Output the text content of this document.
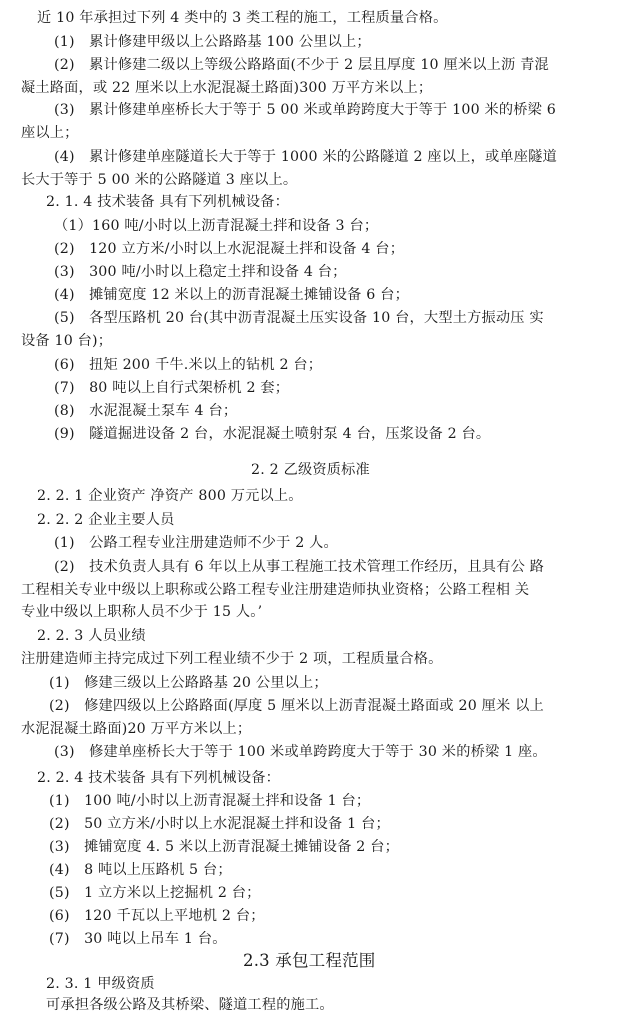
近 10 年承担过下列 4 类中的 3 类工程的施工，工程质量合格。
(1)　累计修建甲级以上公路路基 100 公里以上；
(2)　累计修建二级以上等级公路路面(不少于 2 层且厚度 10 厘米以上沥 青混
凝土路面，或 22 厘米以上水泥混凝土路面)300 万平方米以上；
(3)　累计修建单座桥长大于等于 5 00 米或单跨跨度大于等于 100 米的桥梁 6
座以上；
(4)　累计修建单座隧道长大于等于 1000 米的公路隧道 2 座以上，或单座隧道
长大于等于 5 00 米的公路隧道 3 座以上。
2. 1. 4 技术装备 具有下列机械设备：
（1）160 吨/小时以上沥青混凝土拌和设备 3 台；
(2)　120 立方米/小时以上水泥混凝土拌和设备 4 台；
(3)　300 吨/小时以上稳定土拌和设备 4 台；
(4)　摊铺宽度 12 米以上的沥青混凝土摊铺设备 6 台；
(5)　各型压路机 20 台(其中沥青混凝土压实设备 10 台，大型土方振动压 实
设备 10 台)；
(6)　扭矩 200 千牛.米以上的钻机 2 台；
(7)　80 吨以上自行式架桥机 2 套；
(8)　水泥混凝土泵车 4 台；
(9)　隧道掘进设备 2 台，水泥混凝土喷射泵 4 台，压浆设备 2 台。
2. 2 乙级资质标准
2. 2. 1 企业资产 净资产 800 万元以上。
2. 2. 2 企业主要人员
(1)　公路工程专业注册建造师不少于 2 人。
(2)　技术负责人具有 6 年以上从事工程施工技术管理工作经历，且具有公 路
工程相关专业中级以上职称或公路工程专业注册建造师执业资格；公路工程相 关
专业中级以上职称人员不少于 15 人。’
2. 2. 3 人员业绩
注册建造师主持完成过下列工程业绩不少于 2 项，工程质量合格。
(1)　修建三级以上公路路基 20 公里以上；
(2)　修建四级以上公路路面(厚度 5 厘米以上沥青混凝土路面或 20 厘米 以上
水泥混凝土路面)20 万平方米以上；
(3)　修建单座桥长大于等于 100 米或单跨跨度大于等于 30 米的桥梁 1 座。
2. 2. 4 技术装备 具有下列机械设备：
(1)　100 吨/小时以上沥青混凝土拌和设备 1 台；
(2)　50 立方米/小时以上水泥混凝土拌和设备 1 台；
(3)　摊铺宽度 4. 5 米以上沥青混凝土摊铺设备 2 台；
(4)　8 吨以上压路机 5 台；
(5)　1 立方米以上挖掘机 2 台；
(6)　120 千瓦以上平地机 2 台；
(7)　30 吨以上吊车 1 台。
2.3 承包工程范围
2. 3. 1 甲级资质
可承担各级公路及其桥梁、隧道工程的施工。
